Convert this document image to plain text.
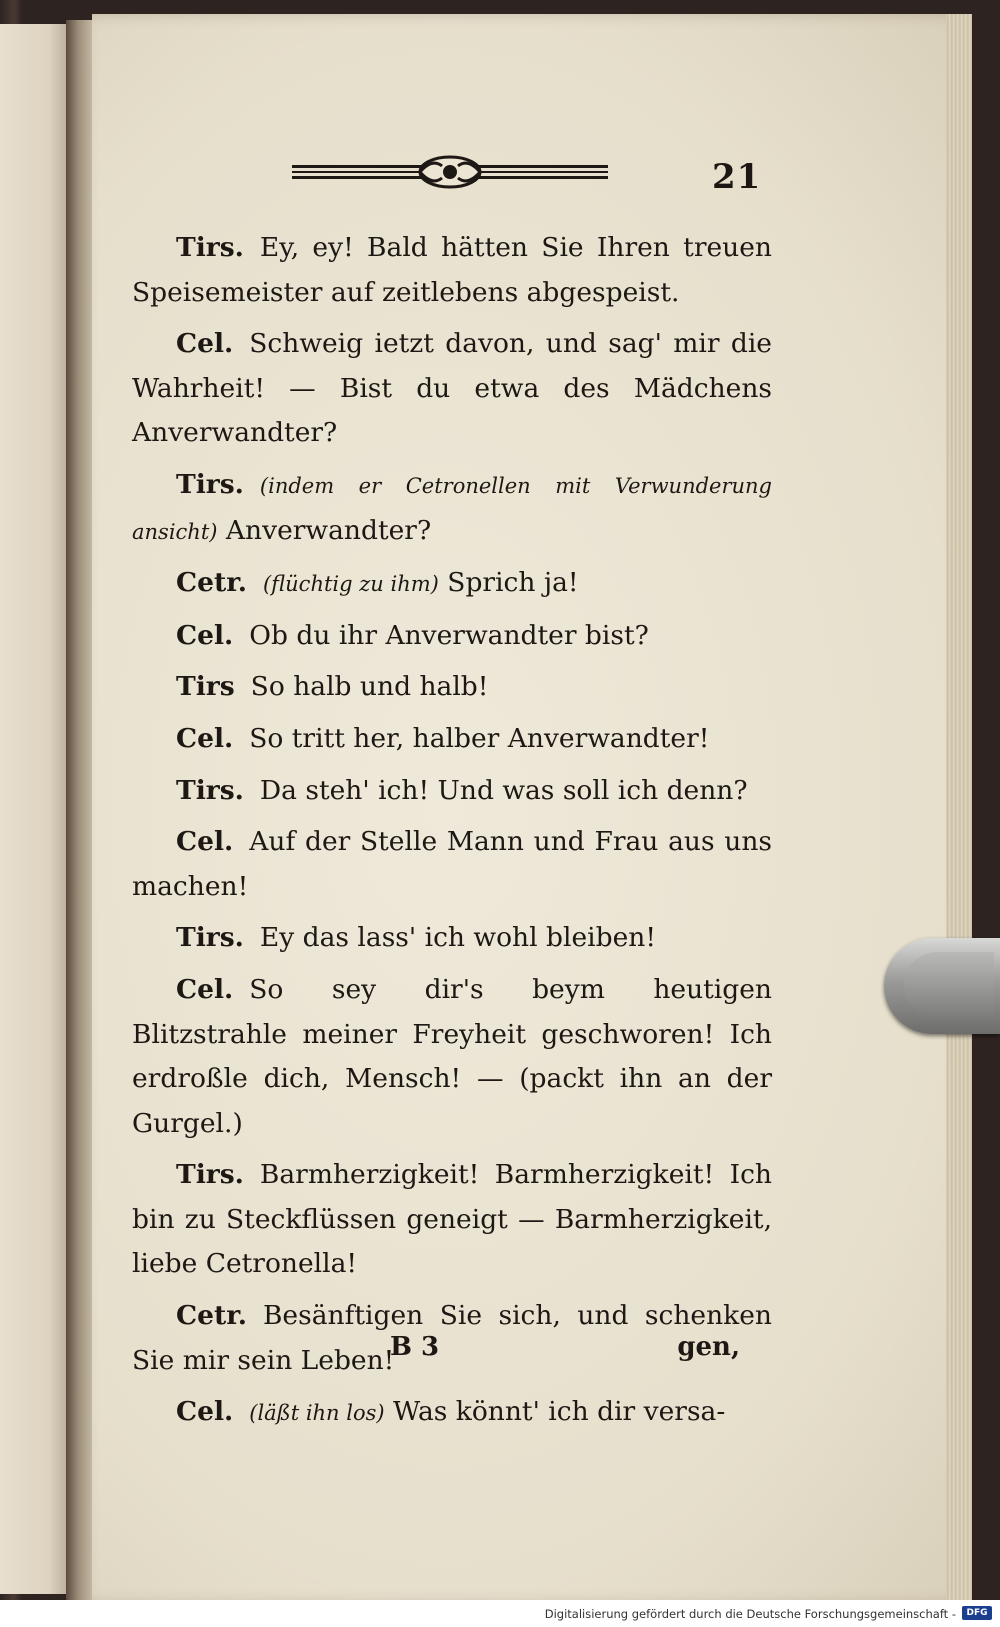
21

Tirs. Ey, ey! Bald hätten Sie Ihren treuen Speisemeister auf zeitlebens abgespeist.

Cel. Schweig ietzt davon, und sag' mir die Wahrheit! — Bist du etwa des Mädchens Anverwandter?

Tirs. (indem er Cetronellen mit Verwunderung ansicht) Anverwandter?

Cetr. (flüchtig zu ihm) Sprich ja!

Cel. Ob du ihr Anverwandter bist?

Tirs So halb und halb!

Cel. So tritt her, halber Anverwandter!

Tirs. Da steh' ich! Und was soll ich denn?

Cel. Auf der Stelle Mann und Frau aus uns machen!

Tirs. Ey das lass' ich wohl bleiben!

Cel. So sey dir's beym heutigen Blitzstrahle meiner Freyheit geschworen! Ich erdroßle dich, Mensch! — (packt ihn an der Gurgel.)

Tirs. Barmherzigkeit! Barmherzigkeit! Ich bin zu Steckflüssen geneigt — Barmherzigkeit, liebe Cetronella!

Cetr. Besänftigen Sie sich, und schenken Sie mir sein Leben!

Cel. (läßt ihn los) Was könnt' ich dir versa-

B 3	gen,
Digitalisierung gefördert durch die Deutsche Forschungsgemeinschaft -	DFG
